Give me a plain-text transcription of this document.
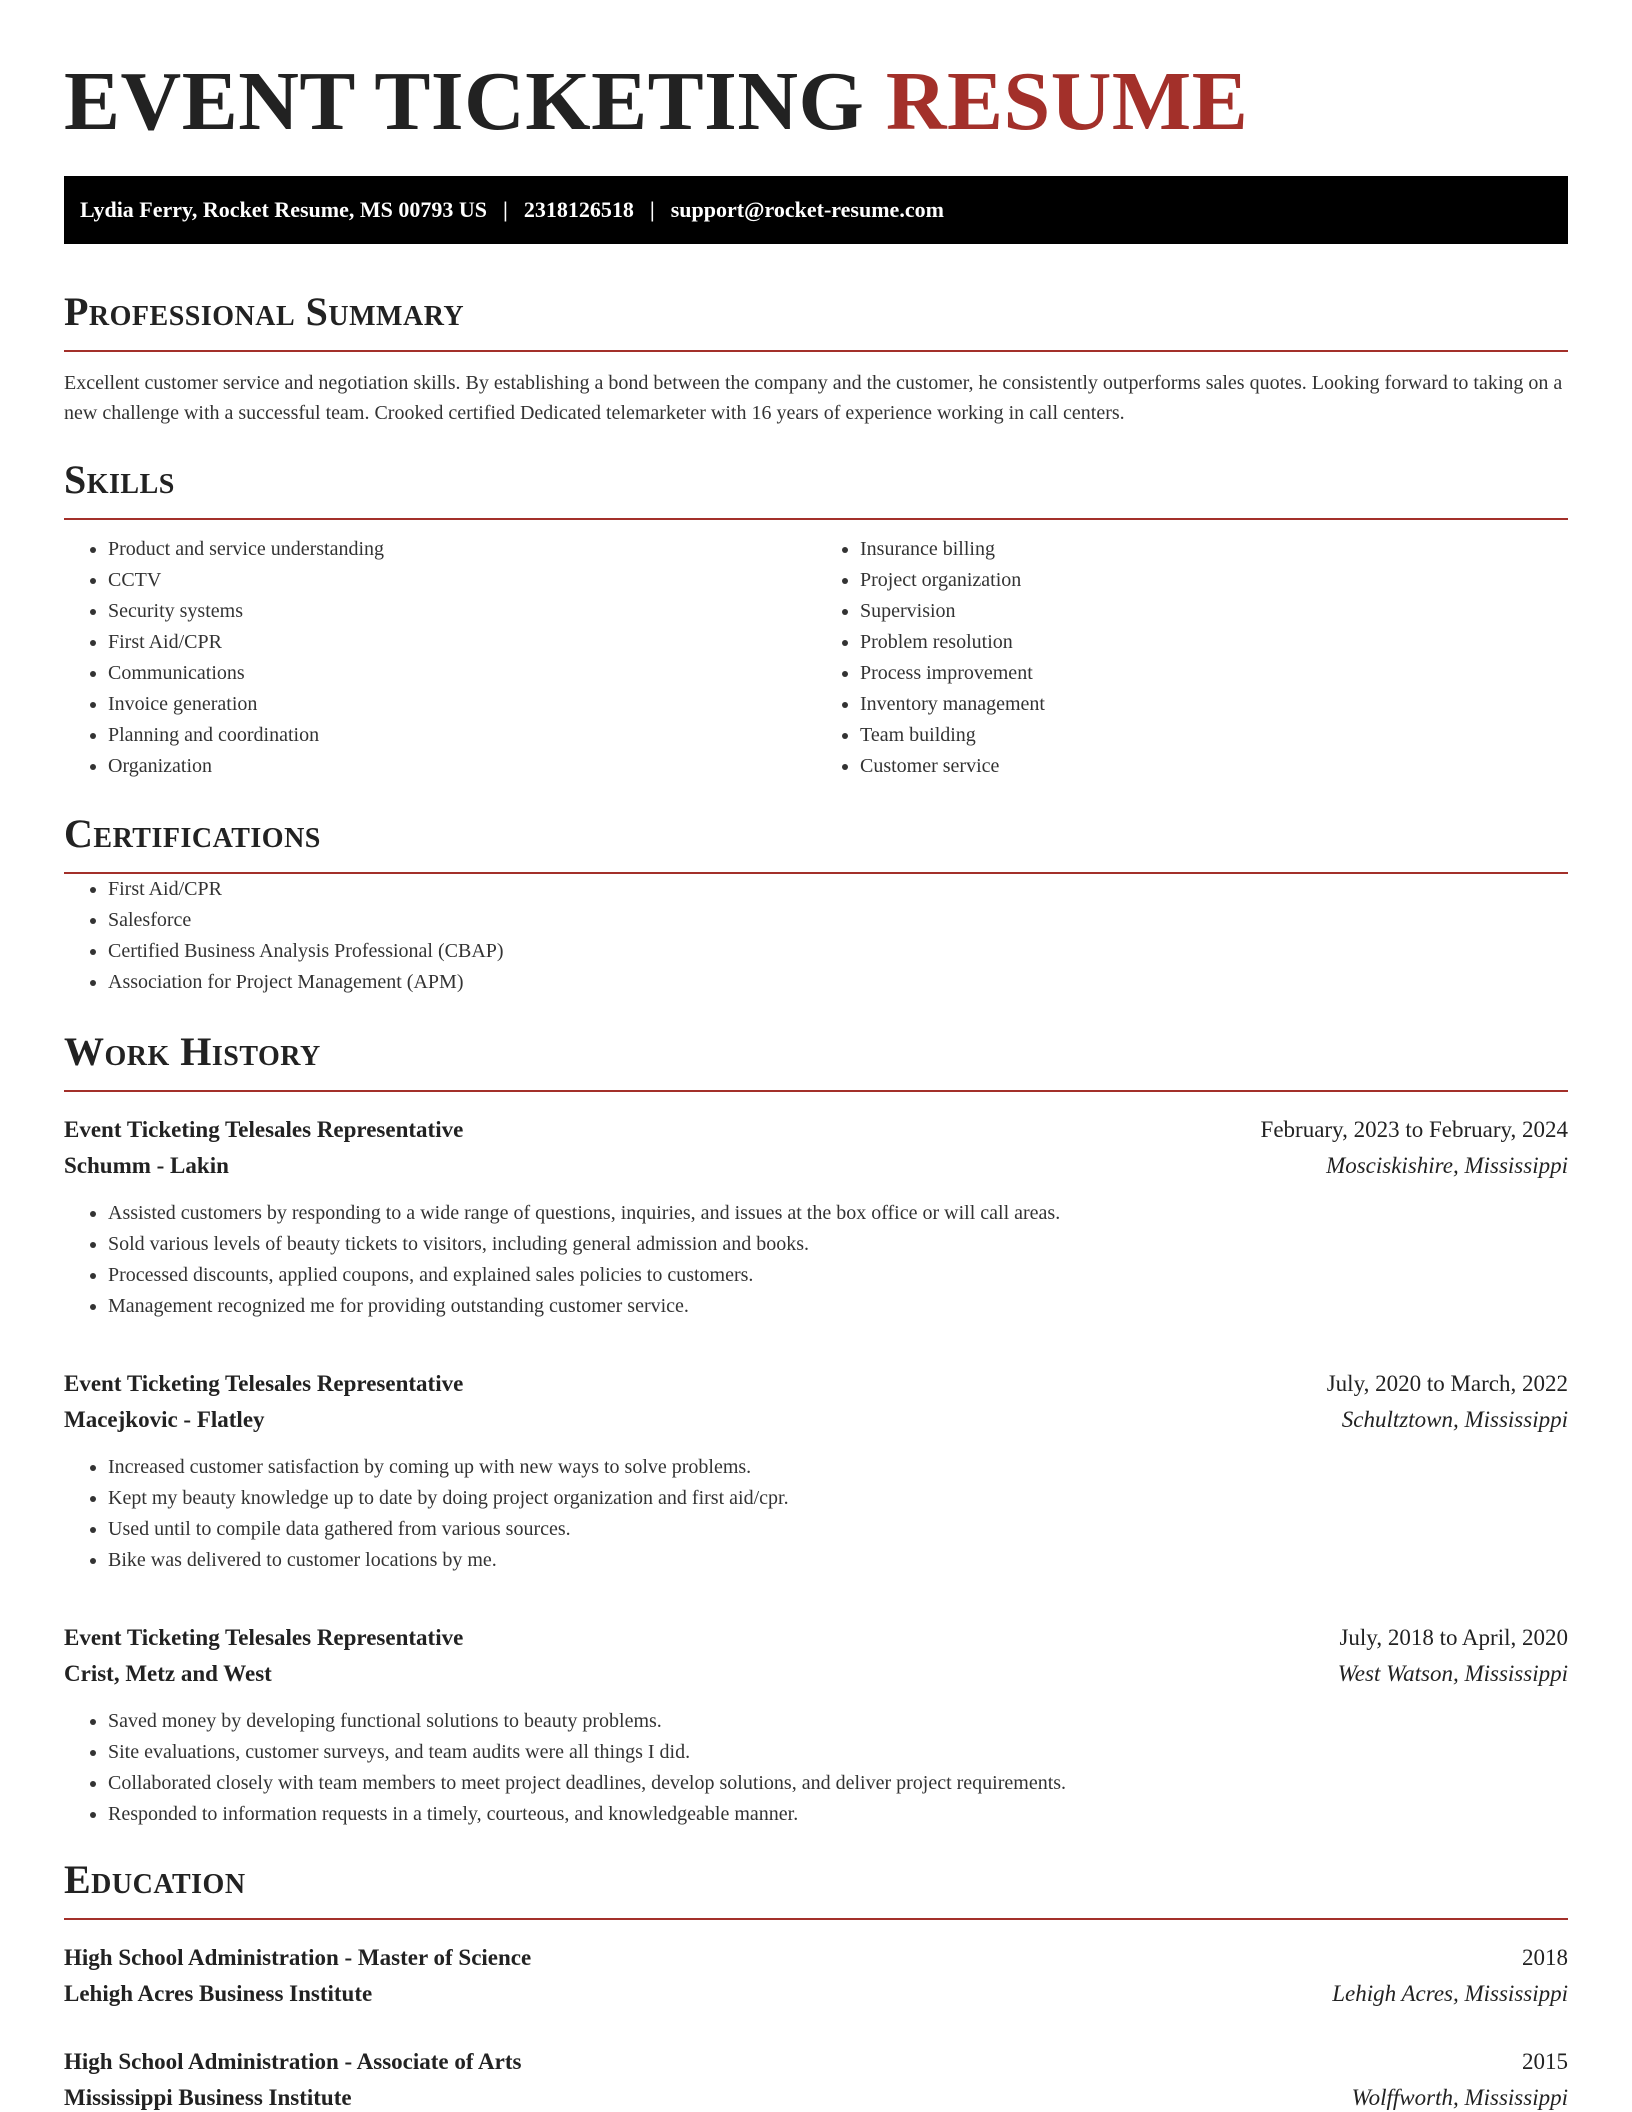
EVENT TICKETING RESUME
Lydia Ferry, Rocket Resume, MS 00793 US | 2318126518 | support@rocket-resume.com
Professional Summary

Excellent customer service and negotiation skills. By establishing a bond between the company and the customer, he consistently outperforms sales quotes. Looking forward to taking on a new challenge with a successful team. Crooked certified Dedicated telemarketer with 16 years of experience working in call centers.

Skills
• Product and service understanding
• CCTV
• Security systems
• First Aid/CPR
• Communications
• Invoice generation
• Planning and coordination
• Organization
• Insurance billing
• Project organization
• Supervision
• Problem resolution
• Process improvement
• Inventory management
• Team building
• Customer service
Certifications
• First Aid/CPR
• Salesforce
• Certified Business Analysis Professional (CBAP)
• Association for Project Management (APM)
Work History
Event Ticketing Telesales Representative	February, 2023 to February, 2024
Schumm - Lakin	Mosciskishire, Mississippi
• Assisted customers by responding to a wide range of questions, inquiries, and issues at the box office or will call areas.
• Sold various levels of beauty tickets to visitors, including general admission and books.
• Processed discounts, applied coupons, and explained sales policies to customers.
• Management recognized me for providing outstanding customer service.
Event Ticketing Telesales Representative	July, 2020 to March, 2022
Macejkovic - Flatley	Schultztown, Mississippi
• Increased customer satisfaction by coming up with new ways to solve problems.
• Kept my beauty knowledge up to date by doing project organization and first aid/cpr.
• Used until to compile data gathered from various sources.
• Bike was delivered to customer locations by me.
Event Ticketing Telesales Representative	July, 2018 to April, 2020
Crist, Metz and West	West Watson, Mississippi
• Saved money by developing functional solutions to beauty problems.
• Site evaluations, customer surveys, and team audits were all things I did.
• Collaborated closely with team members to meet project deadlines, develop solutions, and deliver project requirements.
• Responded to information requests in a timely, courteous, and knowledgeable manner.
Education
High School Administration - Master of Science	2018
Lehigh Acres Business Institute	Lehigh Acres, Mississippi
High School Administration - Associate of Arts	2015
Mississippi Business Institute	Wolffworth, Mississippi
